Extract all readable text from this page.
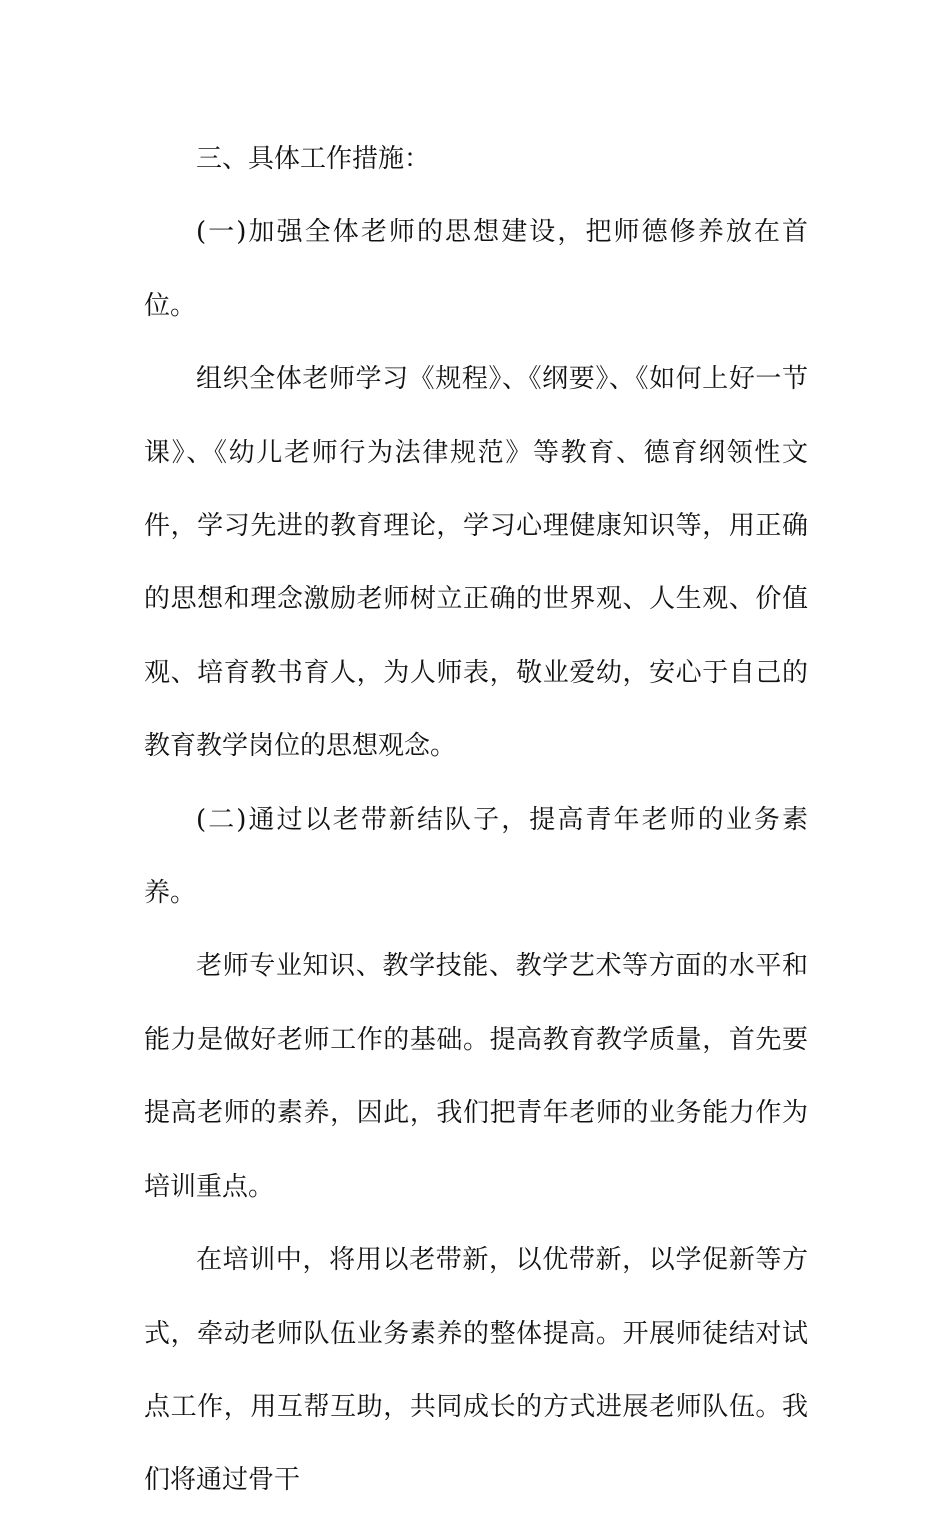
三、具体工作措施：

(一)加强全体老师的思想建设，把师德修养放在首位。

组织全体老师学习《规程》、《纲要》、《如何上好一节课》、《幼儿老师行为法律规范》等教育、德育纲领性文件，学习先进的教育理论，学习心理健康知识等，用正确的思想和理念激励老师树立正确的世界观、人生观、价值观、培育教书育人，为人师表，敬业爱幼，安心于自己的教育教学岗位的思想观念。

(二)通过以老带新结队子，提高青年老师的业务素养。

老师专业知识、教学技能、教学艺术等方面的水平和能力是做好老师工作的基础。提高教育教学质量，首先要提高老师的素养，因此，我们把青年老师的业务能力作为培训重点。

在培训中，将用以老带新，以优带新，以学促新等方式，牵动老师队伍业务素养的整体提高。开展师徒结对试点工作，用互帮互助，共同成长的方式进展老师队伍。我们将通过骨干
